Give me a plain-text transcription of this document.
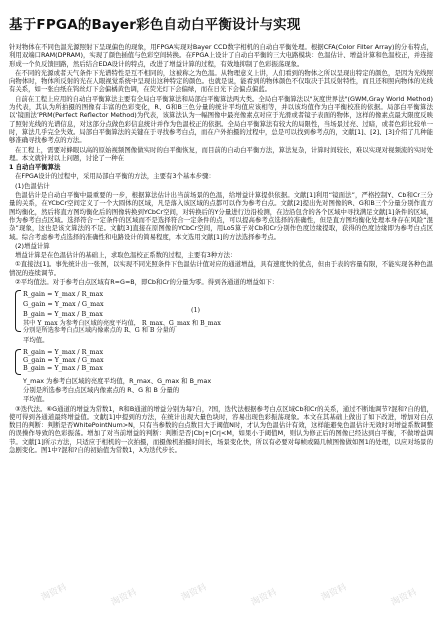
基于FPGA的Bayer彩色自动白平衡设计与实现

针对物体在不同色温光源照射下呈现偏色的现象，用FPGA实现对Bayer CCD数字相机的自动白平衡处理。根据CFA(Color Filter Array)的分布特点，利用双端口RAM(DPRAM)，实现了颜色插值与色彩空间转换。在FPGA上设计了自动白平衡的三大电路模块：色温估计、增益计算和色温校正，并连接形成一个负反馈回路，然后结合EDA设计的特点，改进了增益计算的过程，有效地抑制了色彩振荡现象。

在不同的光源或者天气条件下光谱特性是互不相同的，这被称之为色温。从物理意义上讲，人们看到的物体之所以呈现出特定的颜色，是因为光线照向物体时，物体所反射的光在人眼视觉系统中呈现出这种特定的颜色。也就是说，能看到的物体颜色不仅取决于其反射特性，而且还和照向物体的光线有关系，如一张白纸在钨丝灯下会偏橘黄色调，在荧光灯下会偏绿，而在日光下会偏点偏蓝。

自前在工程上应用的自动白平衡算法主要有全局白平衡算法和局部白平衡算法两大类。全局白平衡算法以"灰度世界法"(GWM,Gray World Method)为代表，其认为所拍摄的图像有丰富的色彩变化，R、G和B三色分量的统计平均值应该相等，并以该均值作为白平衡校准的依据。局部白平衡算法以‘镜面法’PRM(Perfect Reflector Method)为代表，该算法认为一幅图像中最亮像素点对应于光滑或者镜子表面的物体，这样的像素点最大限度反映了照射光线的光谱信息，对这部分点做色彩信息统计并作为色温校正的依据。全局白平衡算法有较大的局限性，当场景过亮、过暗，或者色彩比较单一时，算法几乎完全失效。局部白平衡算法的关键在于寻找参考白点，而在户外拍摄的过程中，总是可以找到参考点的，文献[1]、[2]、[3]介绍了几种能够准确寻找参考点的方法。

在工程上，需要对蜂眼以高的原始视频图像做实时的白平衡恢复，而目前的自动白平衡方法，算法复杂，计算时间较长，难以实现对视频流的实时处理。本文就针对以上问题，讨论了一种在

1 自动白平衡算法

在FPGA设计的过程中，采用局部白平衡的方法，主要有3个基本步骤：

(1)色温估计

色温估计是自动白平衡中最重要的一步，根据算法估计出当前场景的色温，给增益计算提供依据。文献[1]利用“镜面法”，严格控制Y、Cb和Cr三分量的关系，在YCbCr空间定义了一个大圆体的区域，凡是落入该区域的点都可以作为参考白点。文献[2]提出先对图像的R、G和B三个分量分别作直方图均衡化，然后将直方图均衡化后的图像转换到YCbCr空间，对转换后的Y分量进行边沿检测，在边沿包含的各个区域中寻找满足文献[1]条件的区域，作为参考白点区域。选择符合一定条件的区域而不是选择符合一定条件的点，可以提高参考点选择的准确性，但是直方图均衡化处理本身存在风险“混杂”现象，这也是该文算法的不足。文献[3]直接在原图像的YCbCr空间，用Lo5算子对Cb和Cr分别作色度边缘提取，获得的色度边缘即为参考白点区域。综合考虑参考点选择的准确性和电路设计的简易程度，本文选用文献[1]的方法选择参考点。

(2)增益计算

增益计算是在色温估计的基础上，求取色温校正系数的过程，主要有3种方法：

①直接法[1]。事先统计出一张图，以实现不同光照条件下色温估计值对应的通道增益，具有速度快的优点，但由于表的容量有限，不能实现各种色温情况的连续调节。

②平均值法。对于参考白点区域有R=G=B，即Cb和Cr的分量为零。得到各通道的增益如下：

R_gain = Y_max / R_max
G_gain = Y_max / G_max
B_gain = Y_max / B_max	(1)
其中 Y_max 为参考白区域的亮度平均值， R_max、G_max 和 B_max
分别是所选参考白点区域内像素点的 R、G 和 B 分量的

平均值。

R_gain = Y_max / R_max
G_gain = Y_max / G_max
B_gain = Y_max / B_max

Y_max 为参考白区域的亮度平均值，R_max、G_max 和 B_max

分别是所选参考白点区域内像素点的 R、G 和 B 分量的

平均值。

③迭代法。⑥G通道的增益为常数1，R和B通道的增益分别为每?自，?国，迭代法根据参考白点区域Cb和Cr的关系，通过不断地调节?混和?自的值，使可得到各通道最终增益值。文献[1]中提到的方法，在统计出现大量色块时，容易出现色彩振荡现象。本文在其基础上做出了如下改进，增加对白点数目的判断：判断是否WhitePointNum>N，只有当参数的白点数目大于阈值N时，才认为色温估计有效，这样能避免色温估计无效时对增益系数调整的误操作导致的色彩振荡。增加了对当前增益的判断：判断是否|Cb|+|Cr|<M，如果小于阈值M，则认为修正后的图像已经达到白平衡，不做增益调节。文献[1]所示方法，只适应于相机的一次拍摄，而摄像机拍摄时间长，场景变化快，所以有必要对每帧或隔几帧图像做如图1的处理，以应对场景的急剧变化。图1中?混和?自的初始值为常数1，λ为迭代步长。

淘资料	淘资料	淘资料	淘资料	淘资料	淘资料
